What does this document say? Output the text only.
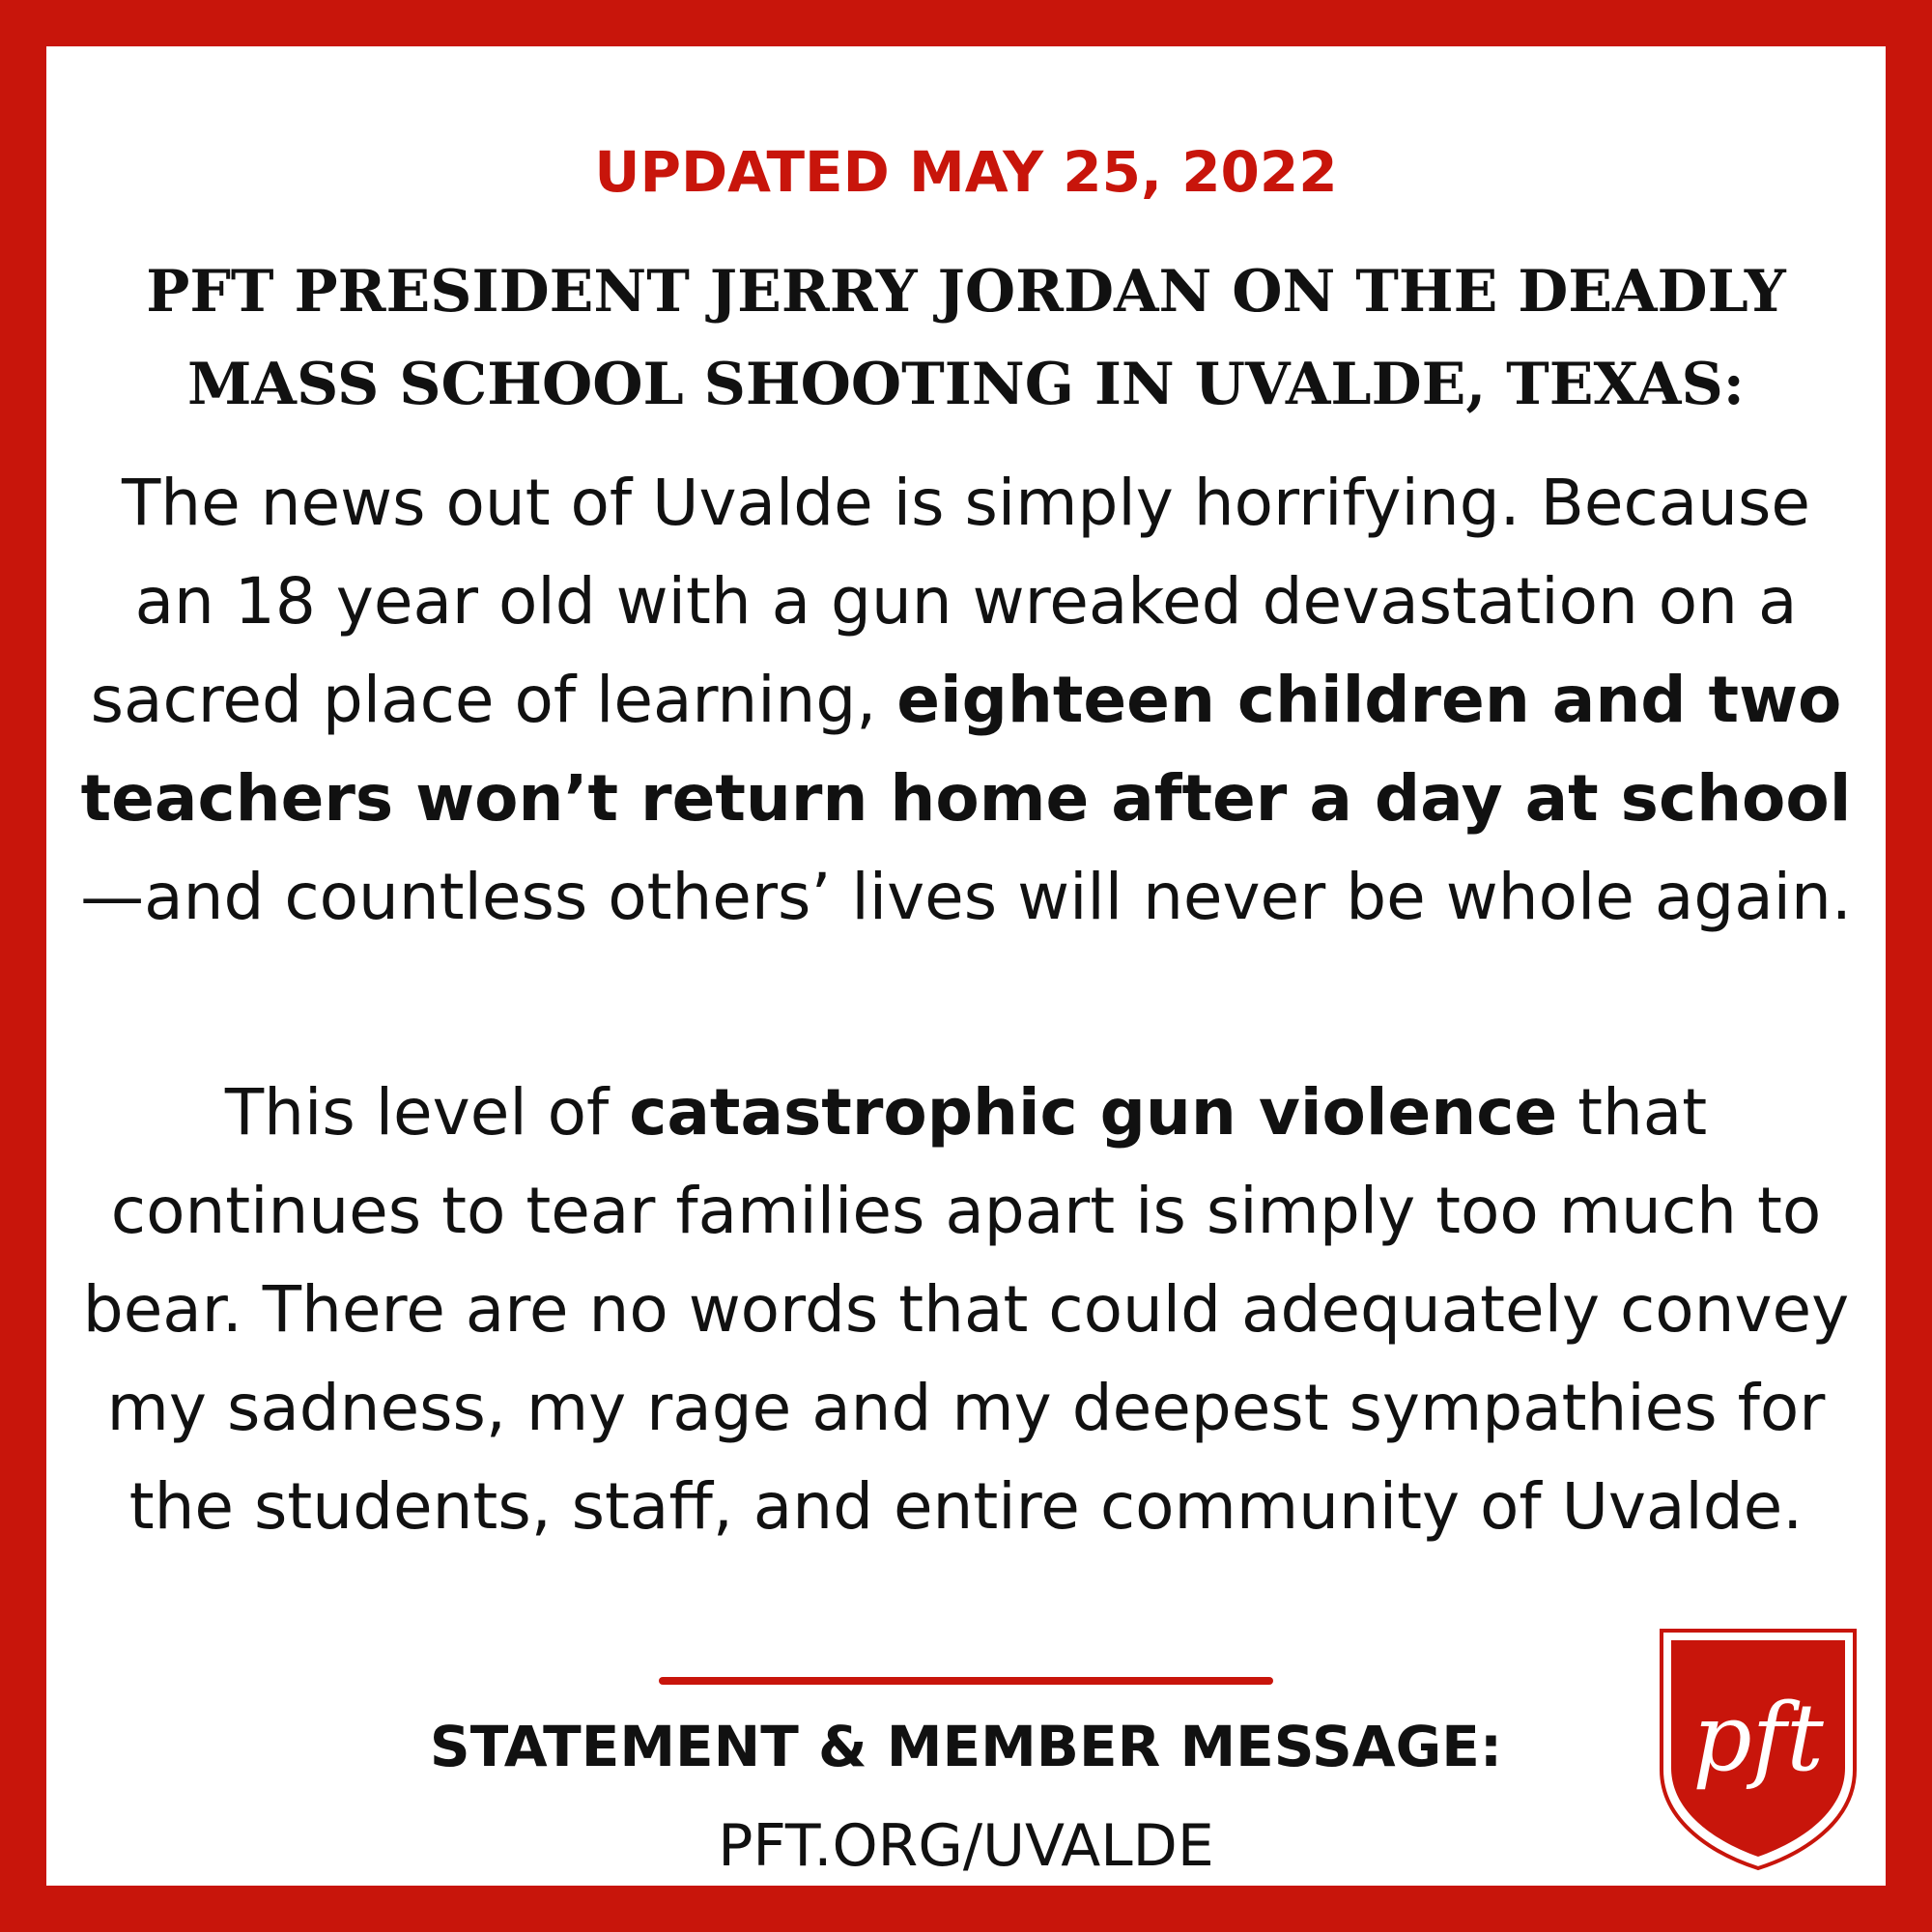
UPDATED MAY 25, 2022
PFT PRESIDENT JERRY JORDAN ON THE DEADLY
MASS SCHOOL SHOOTING IN UVALDE, TEXAS:
The news out of Uvalde is simply horrifying. Because an 18 year old with a gun wreaked devastation on a sacred place of learning, eighteen children and two teachers won’t return home after a day at school—and countless others’ lives will never be whole again.
This level of catastrophic gun violence that continues to tear families apart is simply too much to bear. There are no words that could adequately convey my sadness, my rage and my deepest sympathies for the students, staff, and entire community of Uvalde.
STATEMENT & MEMBER MESSAGE:
PFT.ORG/UVALDE
pft
